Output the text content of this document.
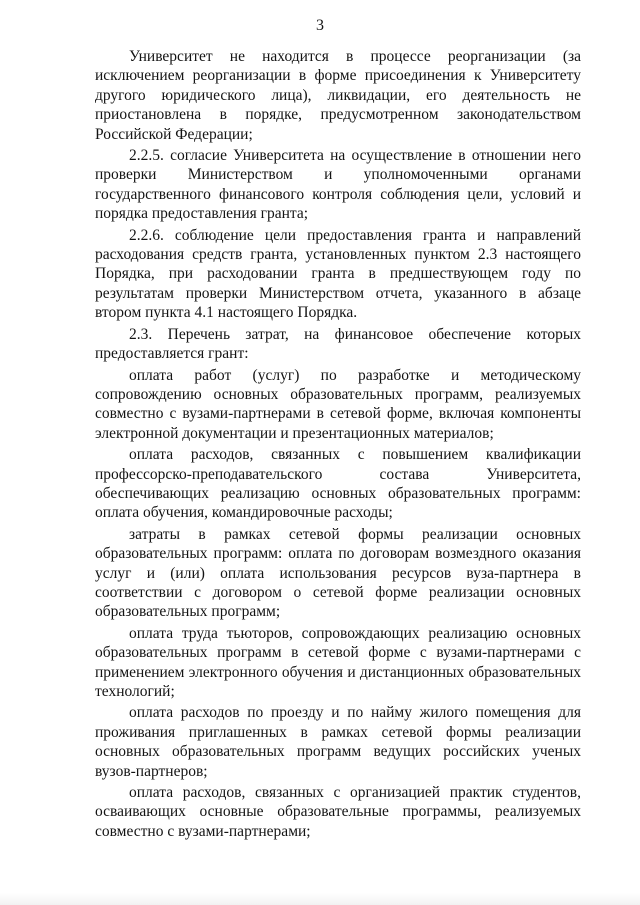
3

Университет не находится в процессе реорганизации (за исключением реорганизации в форме присоединения к Университету другого юридического лица), ликвидации, его деятельность не приостановлена в порядке, предусмотренном законодательством Российской Федерации;

2.2.5. согласие Университета на осуществление в отношении него проверки Министерством и уполномоченными органами государственного финансового контроля соблюдения цели, условий и порядка предоставления гранта;

2.2.6. соблюдение цели предоставления гранта и направлений расходования средств гранта, установленных пунктом 2.3 настоящего Порядка, при расходовании гранта в предшествующем году по результатам проверки Министерством отчета, указанного в абзаце втором пункта 4.1 настоящего Порядка.

2.3. Перечень затрат, на финансовое обеспечение которых предоставляется грант:

оплата работ (услуг) по разработке и методическому сопровождению основных образовательных программ, реализуемых совместно с вузами-партнерами в сетевой форме, включая компоненты электронной документации и презентационных материалов;

оплата расходов, связанных с повышением квалификации профессорско-преподавательского состава Университета, обеспечивающих реализацию основных образовательных программ: оплата обучения, командировочные расходы;

затраты в рамках сетевой формы реализации основных образовательных программ: оплата по договорам возмездного оказания услуг и (или) оплата использования ресурсов вуза-партнера в соответствии с договором о сетевой форме реализации основных образовательных программ;

оплата труда тьюторов, сопровождающих реализацию основных образовательных программ в сетевой форме с вузами-партнерами с применением электронного обучения и дистанционных образовательных технологий;

оплата расходов по проезду и по найму жилого помещения для проживания приглашенных в рамках сетевой формы реализации основных образовательных программ ведущих российских ученых вузов-партнеров;

оплата расходов, связанных с организацией практик студентов, осваивающих основные образовательные программы, реализуемых совместно с вузами-партнерами;
